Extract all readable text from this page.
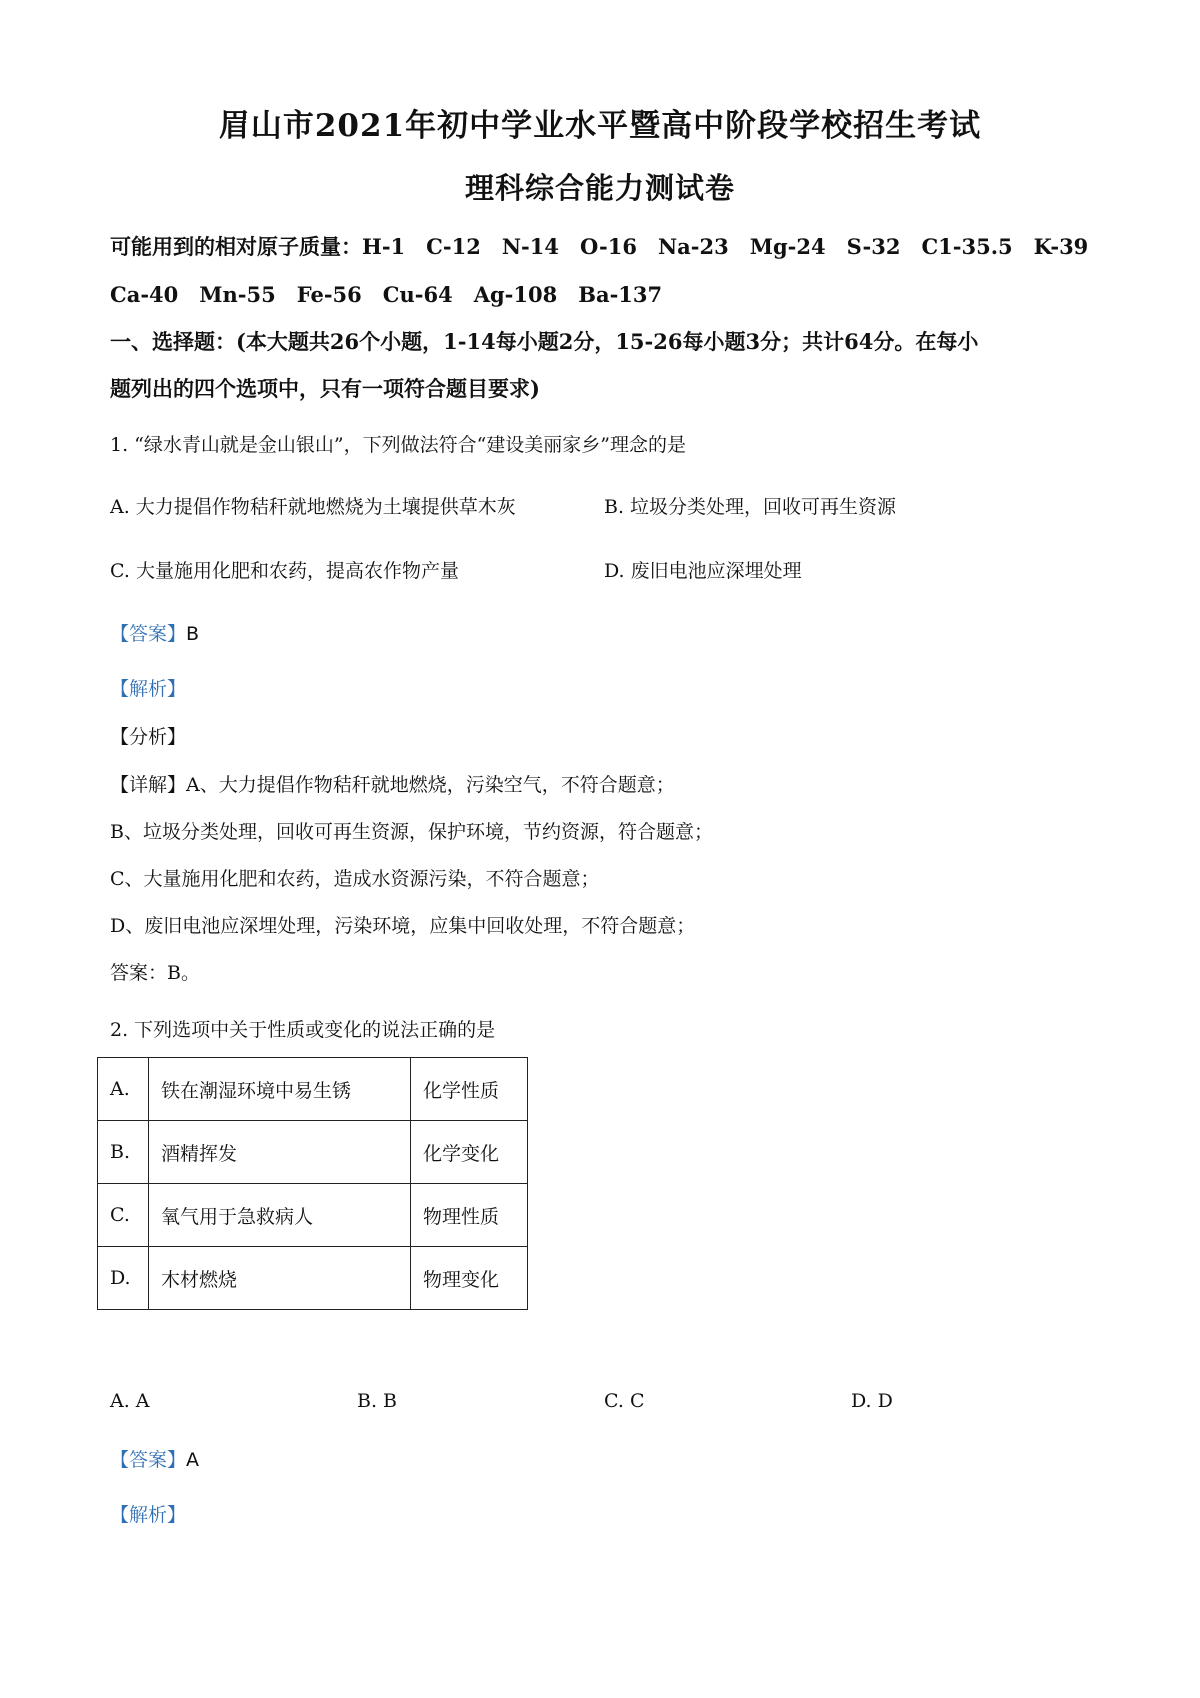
眉山市2021年初中学业水平暨高中阶段学校招生考试
理科综合能力测试卷
可能用到的相对原子质量：H-1　C-12　N-14　O-16　Na-23　Mg-24　S-32　C1-35.5　K-39
Ca-40　Mn-55　Fe-56　Cu-64　Ag-108　Ba-137
一、选择题：(本大题共26个小题，1-14每小题2分，15-26每小题3分；共计64分。在每小
题列出的四个选项中，只有一项符合题目要求)
1. “绿水青山就是金山银山”，下列做法符合“建设美丽家乡”理念的是
A. 大力提倡作物秸秆就地燃烧为土壤提供草木灰	B. 垃圾分类处理，回收可再生资源
C. 大量施用化肥和农药，提高农作物产量	D. 废旧电池应深埋处理
【答案】B
【解析】
【分析】
【详解】A、大力提倡作物秸秆就地燃烧，污染空气，不符合题意；
B、垃圾分类处理，回收可再生资源，保护环境，节约资源，符合题意；
C、大量施用化肥和农药，造成水资源污染，不符合题意；
D、废旧电池应深埋处理，污染环境，应集中回收处理，不符合题意；
答案：B。
2. 下列选项中关于性质或变化的说法正确的是
A.	铁在潮湿环境中易生锈	化学性质
B.	酒精挥发	化学变化
C.	氧气用于急救病人	物理性质
D.	木材燃烧	物理变化
A. A	B. B	C. C	D. D
【答案】A
【解析】
